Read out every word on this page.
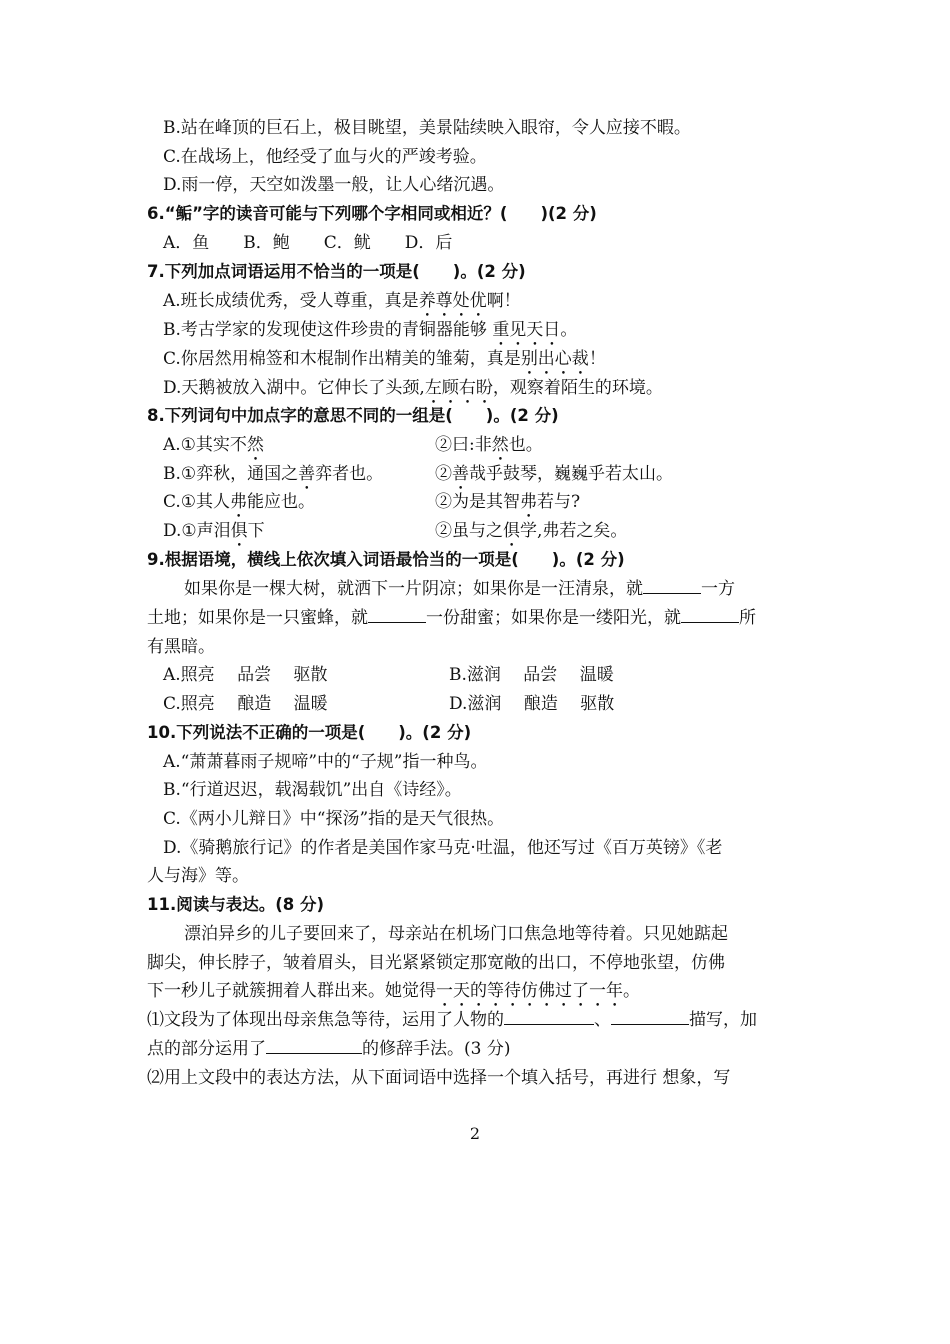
B.站在峰顶的巨石上，极目眺望，美景陆续映入眼帘，令人应接不暇。
C.在战场上，他经受了血与火的严竣考验。
D.雨一停，天空如泼墨一般，让人心绪沉遇。
6.“鲘”字的读音可能与下列哪个字相同或相近？(　　)(2 分)
A．鱼　　B．鲍　　C．鱿　　D．后
7.下列加点词语运用不恰当的一项是(　　)。(2 分)
A.班长成绩优秀，受人尊重，真是养尊处优啊！
B.考古学家的发现使这件珍贵的青铜器能够 重见天日。
C.你居然用棉签和木棍制作出精美的雏菊，真是别出心裁！
D.天鹅被放入湖中。它伸长了头颈,左顾右盼，观察着陌生的环境。
8.下列词句中加点字的意思不同的一组是(　　)。(2 分)
A.①其实不然	②曰:非然也。
B.①弈秋，通国之善弈者也。	②善哉乎鼓琴，巍巍乎若太山。
C.①其人弗能应也。	②为是其智弗若与?
D.①声泪俱下	②虽与之俱学,弗若之矣。
9.根据语境，横线上依次填入词语最恰当的一项是(　　)。(2 分)
如果你是一棵大树，就洒下一片阴凉；如果你是一汪清泉，就	一方
土地；如果你是一只蜜蜂，就	一份甜蜜；如果你是一缕阳光，就	所
有黑暗。
A.照亮　 品尝　 驱散	B.滋润　 品尝　 温暖
C.照亮　 酿造　 温暖	D.滋润　 酿造　 驱散
10.下列说法不正确的一项是(　　)。(2 分)
A.“萧萧暮雨子规啼”中的“子规”指一种鸟。
B.“行道迟迟，载渴载饥”出自《诗经》。
C.《两小儿辩日》中“探汤”指的是天气很热。
D.《骑鹅旅行记》的作者是美国作家马克·吐温，他还写过《百万英镑》《老
人与海》等。
11.阅读与表达。(8 分)
漂泊异乡的儿子要回来了，母亲站在机场门口焦急地等待着。只见她踮起
脚尖，伸长脖子，皱着眉头，目光紧紧锁定那宽敞的出口，不停地张望，仿佛
下一秒儿子就簇拥着人群出来。她觉得一天的等待仿佛过了一年。
⑴文段为了体现出母亲焦急等待，运用了人物的	、	描写，加
点的部分运用了	的修辞手法。(3 分)
⑵用上文段中的表达方法，从下面词语中选择一个填入括号，再进行 想象，写
2
